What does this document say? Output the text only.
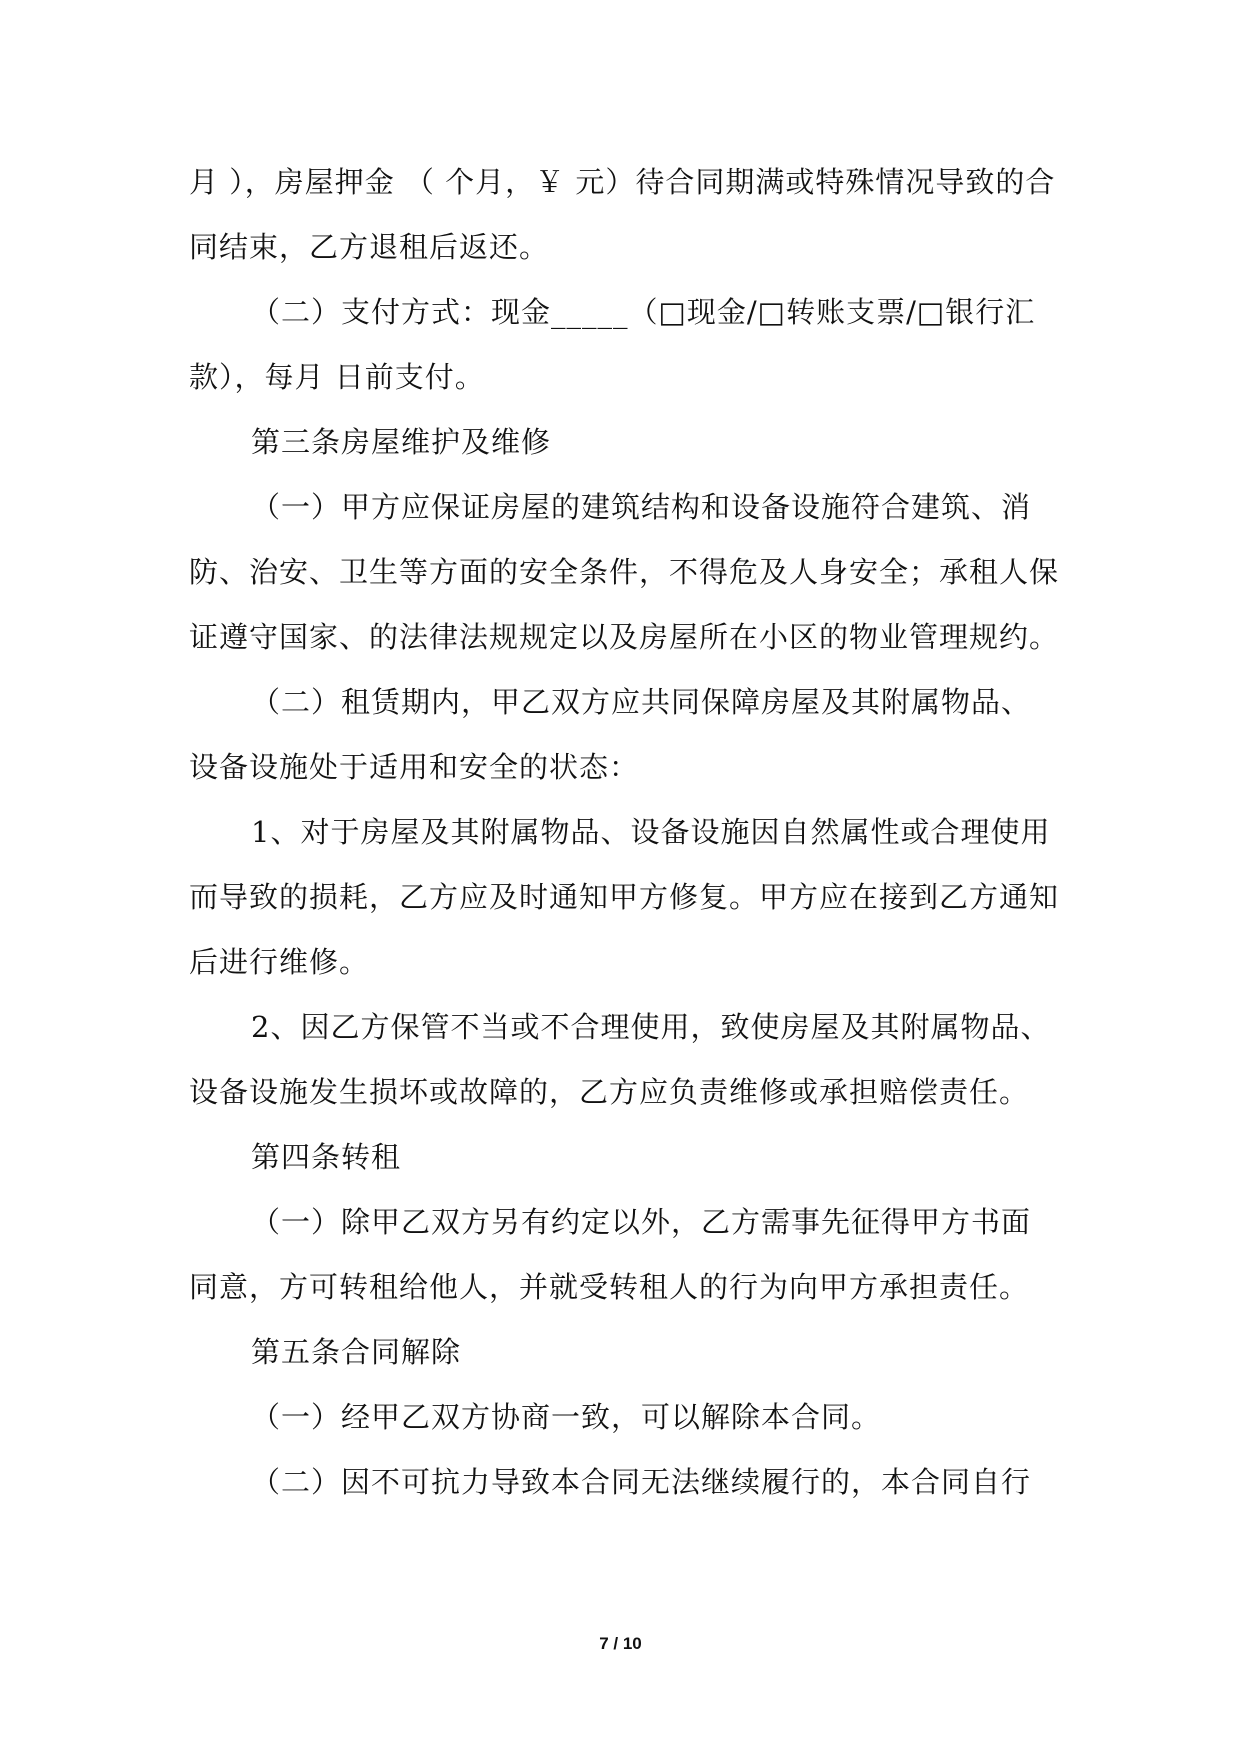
月 ），房屋押金 （ 个月，￥ 元）待合同期满或特殊情况导致的合同结束，乙方退租后返还。

（二）支付方式：现金_____（□现金/□转账支票/□银行汇款），每月 日前支付。

第三条房屋维护及维修

（一）甲方应保证房屋的建筑结构和设备设施符合建筑、消防、治安、卫生等方面的安全条件，不得危及人身安全；承租人保证遵守国家、的法律法规规定以及房屋所在小区的物业管理规约。

（二）租赁期内，甲乙双方应共同保障房屋及其附属物品、设备设施处于适用和安全的状态：

1、对于房屋及其附属物品、设备设施因自然属性或合理使用而导致的损耗，乙方应及时通知甲方修复。甲方应在接到乙方通知后进行维修。

2、因乙方保管不当或不合理使用，致使房屋及其附属物品、设备设施发生损坏或故障的，乙方应负责维修或承担赔偿责任。

第四条转租

（一）除甲乙双方另有约定以外，乙方需事先征得甲方书面同意，方可转租给他人，并就受转租人的行为向甲方承担责任。

第五条合同解除

（一）经甲乙双方协商一致，可以解除本合同。

（二）因不可抗力导致本合同无法继续履行的，本合同自行

7 / 10
